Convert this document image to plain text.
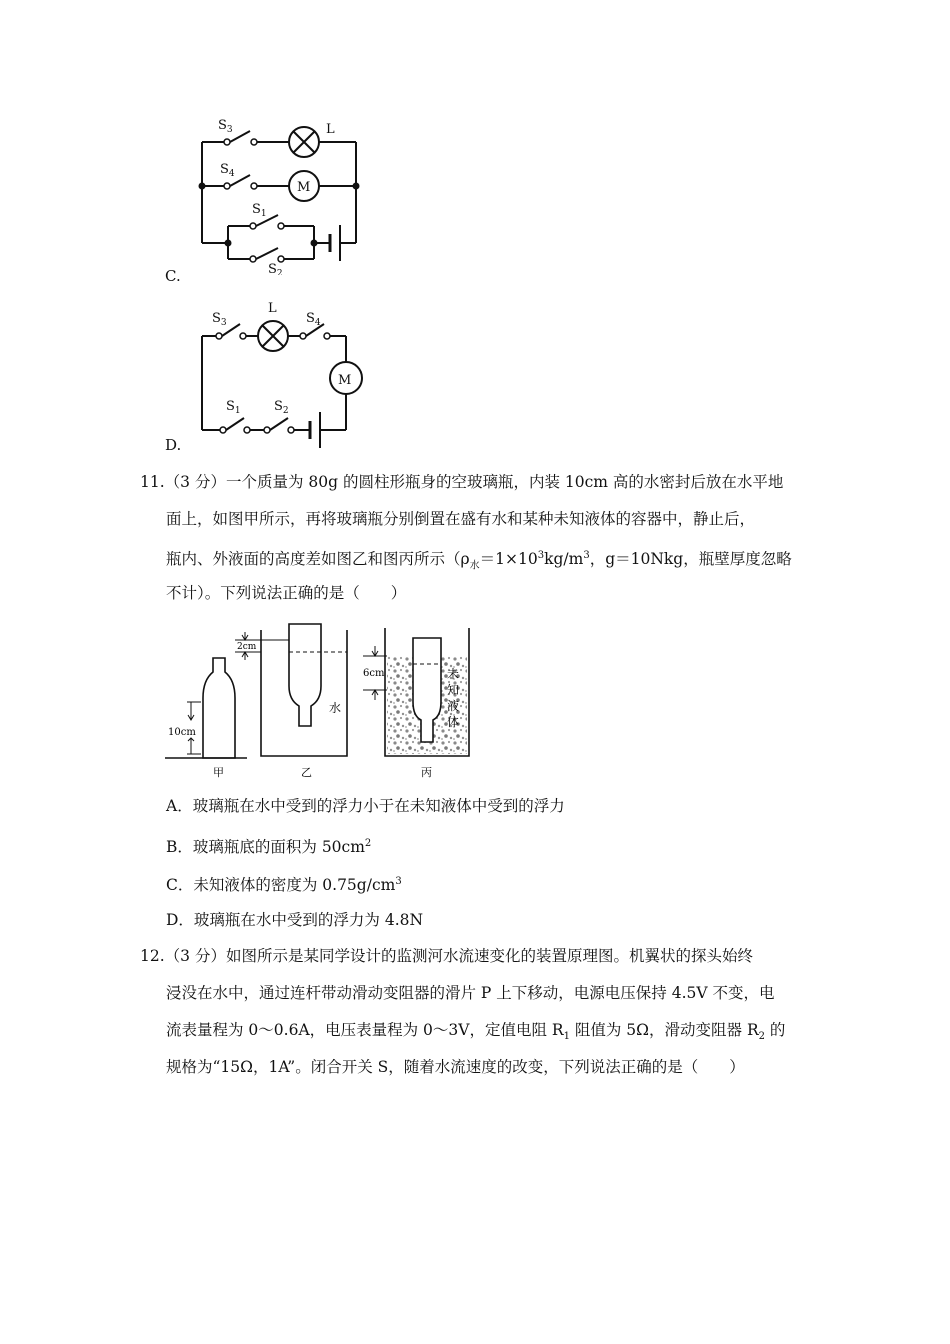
C.
$S_3$	L
$S_4$
M
$S_1$
$S_2$
D.
$S_3$
L
$S_4$
M
$S_1$	$S_2$
11.（3 分）一个质量为 80g 的圆柱形瓶身的空玻璃瓶，内装 10cm 高的水密封后放在水平地
面上，如图甲所示，再将玻璃瓶分别倒置在盛有水和某种未知液体的容器中，静止后，
瓶内、外液面的高度差如图乙和图丙所示（$\rho_水=1\times 10^3kg/m^3$，g＝10Nkg，瓶壁厚度忽略
不计）。下列说法正确的是（　　）
10cm
甲
2cm
水
乙
6cm	未
知
液
体
丙
A．玻璃瓶在水中受到的浮力小于在未知液体中受到的浮力
B．玻璃瓶底的面积为 $50cm^2$
C．未知液体的密度为 $0.75g/cm^3$
D．玻璃瓶在水中受到的浮力为 4.8N
12.（3 分）如图所示是某同学设计的监测河水流速变化的装置原理图。机翼状的探头始终
浸没在水中，通过连杆带动滑动变阻器的滑片 P 上下移动，电源电压保持 4.5V 不变，电
流表量程为 0～0.6A，电压表量程为 0～3V，定值电阻 $R_1$ 阻值为 5Ω，滑动变阻器 $R_2$ 的
规格为“15Ω，1A”。闭合开关 S，随着水流速度的改变，下列说法正确的是（　　）
